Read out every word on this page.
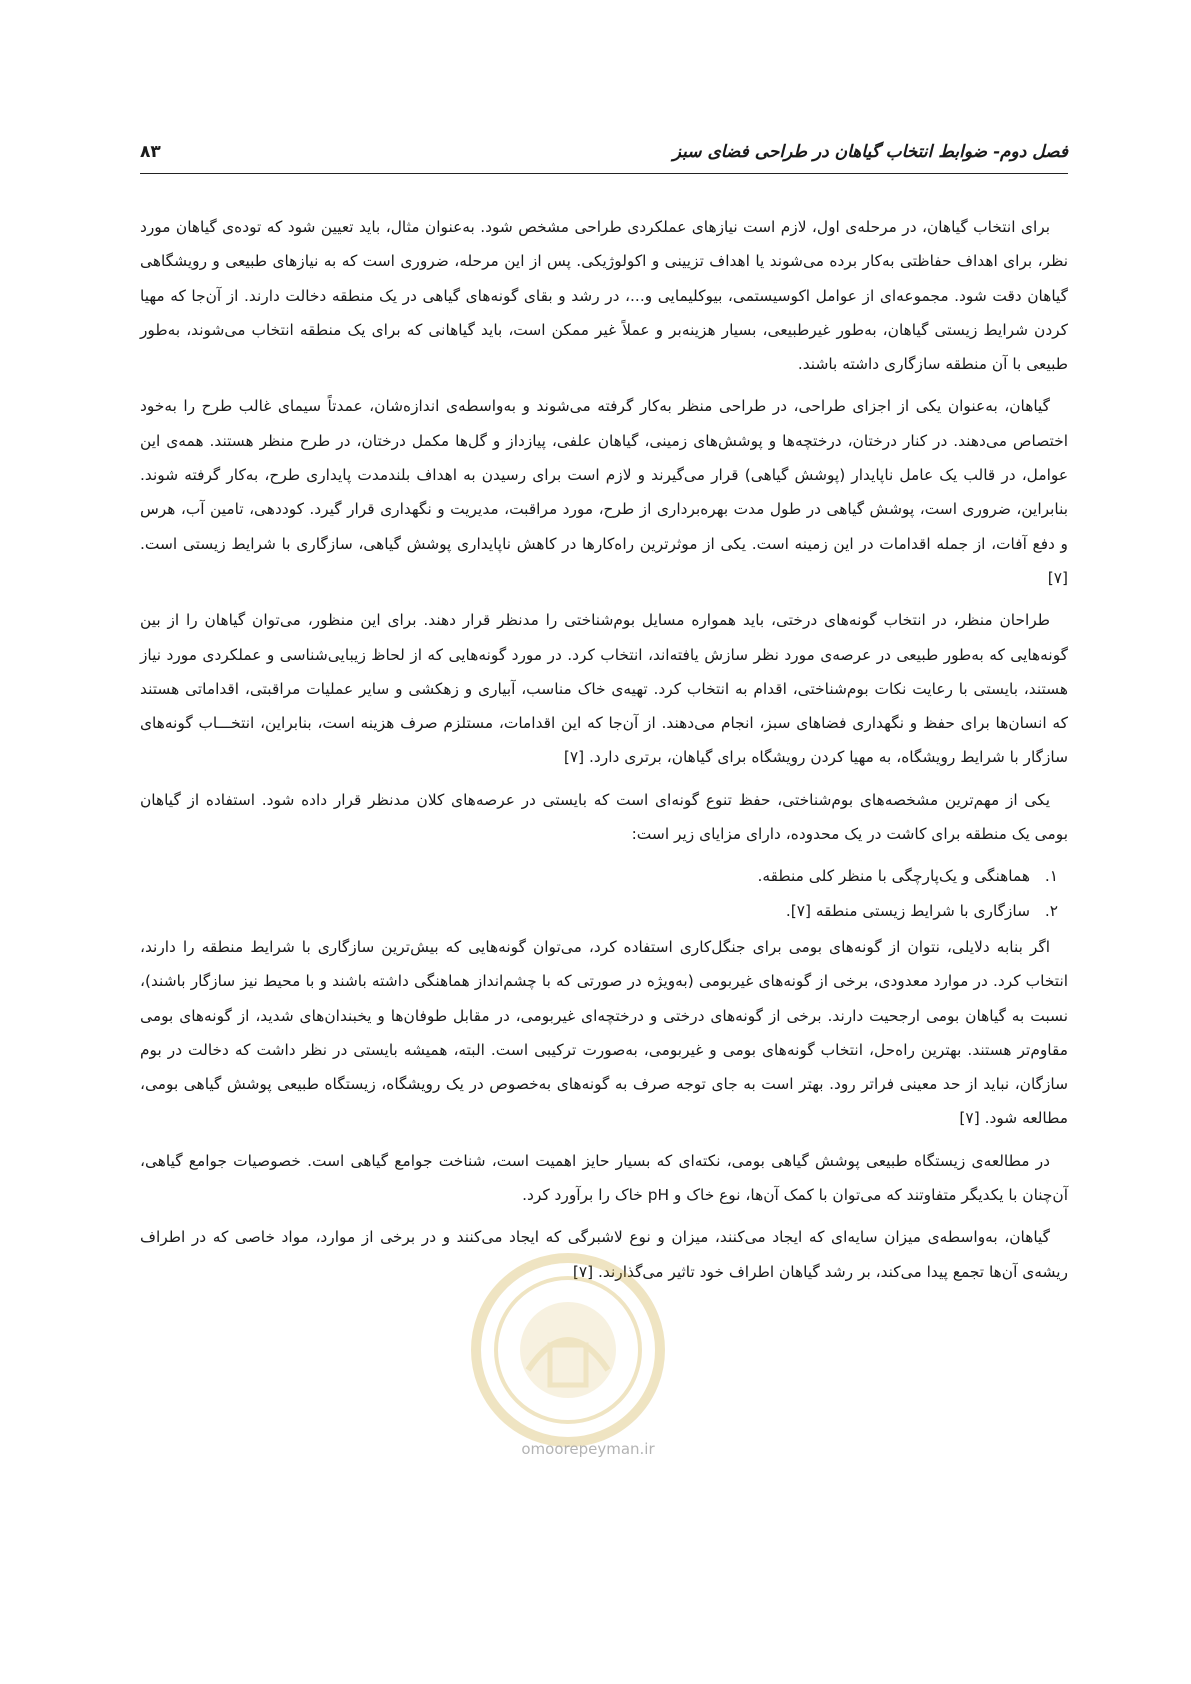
فصل دوم- ضوابط انتخاب گیاهان در طراحی فضای سبز
۸۳

برای انتخاب گیاهان، در مرحله‌ی اول، لازم است نیازهای عملکردی طراحی مشخص شود. به‌عنوان مثال، باید تعیین شود که توده‌ی گیاهان مورد نظر، برای اهداف حفاظتی به‌کار برده می‌شوند یا اهداف تزیینی و اکولوژیکی. پس از این مرحله، ضروری است که به نیازهای طبیعی و رویشگاهی گیاهان دقت شود. مجموعه‌ای از عوامل اکوسیستمی، بیوکلیمایی و...، در رشد و بقای گونه‌های گیاهی در یک منطقه دخالت دارند. از آن‌جا که مهیا کردن شرایط زیستی گیاهان، به‌طور غیرطبیعی، بسیار هزینه‌بر و عملاً غیر ممکن است، باید گیاهانی که برای یک منطقه انتخاب می‌شوند، به‌طور طبیعی با آن منطقه سازگاری داشته باشند.

گیاهان، به‌عنوان یکی از اجزای طراحی، در طراحی منظر به‌کار گرفته می‌شوند و به‌واسطه‌ی اندازه‌شان، عمدتاً سیمای غالب طرح را به‌خود اختصاص می‌دهند. در کنار درختان، درختچه‌ها و پوشش‌های زمینی، گیاهان علفی، پیازداز و گل‌ها مکمل درختان، در طرح منظر هستند. همه‌ی این عوامل، در قالب یک عامل ناپایدار (پوشش گیاهی) قرار می‌گیرند و لازم است برای رسیدن به اهداف بلندمدت پایداری طرح، به‌کار گرفته شوند. بنابراین، ضروری است، پوشش گیاهی در طول مدت بهره‌برداری از طرح، مورد مراقبت، مدیریت و نگهداری قرار گیرد. کوددهی، تامین آب، هرس و دفع آفات، از جمله اقدامات در این زمینه است. یکی از موثرترین راه‌کارها در کاهش ناپایداری پوشش گیاهی، سازگاری با شرایط زیستی است. [۷]

طراحان منظر، در انتخاب گونه‌های درختی، باید همواره مسایل بوم‌شناختی را مدنظر قرار دهند. برای این منظور، می‌توان گیاهان را از بین گونه‌هایی که به‌طور طبیعی در عرصه‌ی مورد نظر سازش یافته‌اند، انتخاب کرد. در مورد گونه‌هایی که از لحاظ زیبایی‌شناسی و عملکردی مورد نیاز هستند، بایستی با رعایت نکات بوم‌شناختی، اقدام به انتخاب کرد. تهیه‌ی خاک مناسب، آبیاری و زهکشی و سایر عملیات مراقبتی، اقداماتی هستند که انسان‌ها برای حفظ و نگهداری فضاهای سبز، انجام می‌دهند. از آن‌جا که این اقدامات، مستلزم صرف هزینه است، بنابراین، انتخـــاب گونه‌های سازگار با شرایط رویشگاه، به مهیا کردن رویشگاه برای گیاهان، برتری دارد. [۷]

یکی از مهم‌ترین مشخصه‌های بوم‌شناختی، حفظ تنوع گونه‌ای است که بایستی در عرصه‌های کلان مدنظر قرار داده شود. استفاده از گیاهان بومی یک منطقه برای کاشت در یک محدوده، دارای مزایای زیر است:

۱.
هماهنگی و یک‌پارچگی با منظر کلی منطقه.
۲.
سازگاری با شرایط زیستی منطقه [۷].

اگر بنابه دلایلی، نتوان از گونه‌های بومی برای جنگل‌کاری استفاده کرد، می‌توان گونه‌هایی که بیش‌ترین سازگاری با شرایط منطقه را دارند، انتخاب کرد. در موارد معدودی، برخی از گونه‌های غیربومی (به‌ویژه در صورتی که با چشم‌انداز هماهنگی داشته باشند و با محیط نیز سازگار باشند)، نسبت به گیاهان بومی ارجحیت دارند. برخی از گونه‌های درختی و درختچه‌ای غیربومی، در مقابل طوفان‌ها و یخبندان‌های شدید، از گونه‌های بومی مقاوم‌تر هستند. بهترین راه‌حل، انتخاب گونه‌های بومی و غیربومی، به‌صورت ترکیبی است. البته، همیشه بایستی در نظر داشت که دخالت در بوم سازگان، نباید از حد معینی فراتر رود. بهتر است به جای توجه صرف به گونه‌های به‌خصوص در یک رویشگاه، زیستگاه طبیعی پوشش گیاهی بومی، مطالعه شود. [۷]

در مطالعه‌ی زیستگاه طبیعی پوشش گیاهی بومی، نکته‌ای که بسیار حایز اهمیت است، شناخت جوامع گیاهی است. خصوصیات جوامع گیاهی، آن‌چنان با یکدیگر متفاوتند که می‌توان با کمک آن‌ها، نوع خاک و pH خاک را برآورد کرد.

گیاهان، به‌واسطه‌ی میزان سایه‌ای که ایجاد می‌کنند، میزان و نوع لاشبرگی که ایجاد می‌کنند و در برخی از موارد، مواد خاصی که در اطراف ریشه‌ی آن‌ها تجمع پیدا می‌کند، بر رشد گیاهان اطراف خود تاثیر می‌گذارند. [۷]

omoorepeyman.ir
